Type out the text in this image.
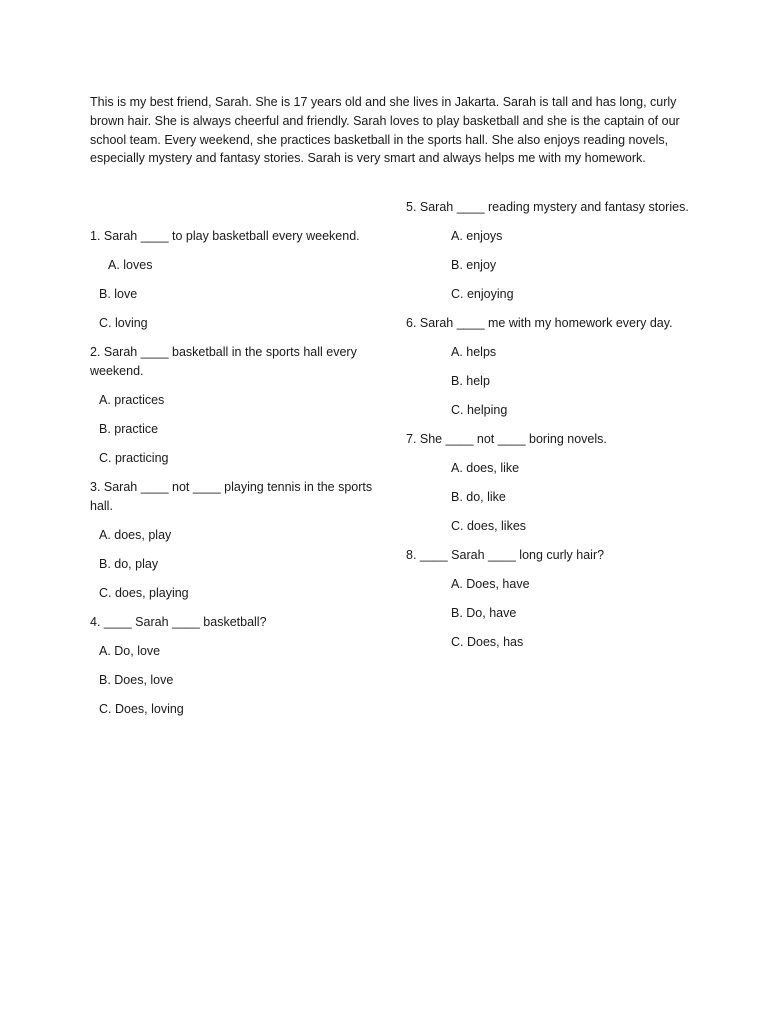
This is my best friend, Sarah. She is 17 years old and she lives in Jakarta. Sarah is tall and has long, curly brown hair. She is always cheerful and friendly. Sarah loves to play basketball and she is the captain of our school team. Every weekend, she practices basketball in the sports hall. She also enjoys reading novels, especially mystery and fantasy stories. Sarah is very smart and always helps me with my homework.

1. Sarah ____ to play basketball every weekend.

A. loves
B. love
C. loving

2. Sarah ____ basketball in the sports hall every weekend.

A. practices
B. practice
C. practicing

3. Sarah ____ not ____ playing tennis in the sports hall.

A. does, play
B. do, play
C. does, playing

4. ____ Sarah ____ basketball?

A. Do, love
B. Does, love
C. Does, loving

5. Sarah ____ reading mystery and fantasy stories.

A. enjoys
B. enjoy
C. enjoying

6. Sarah ____ me with my homework every day.

A. helps
B. help
C. helping

7. She ____ not ____ boring novels.

A. does, like
B. do, like
C. does, likes

8. ____ Sarah ____ long curly hair?

A. Does, have
B. Do, have
C. Does, has
